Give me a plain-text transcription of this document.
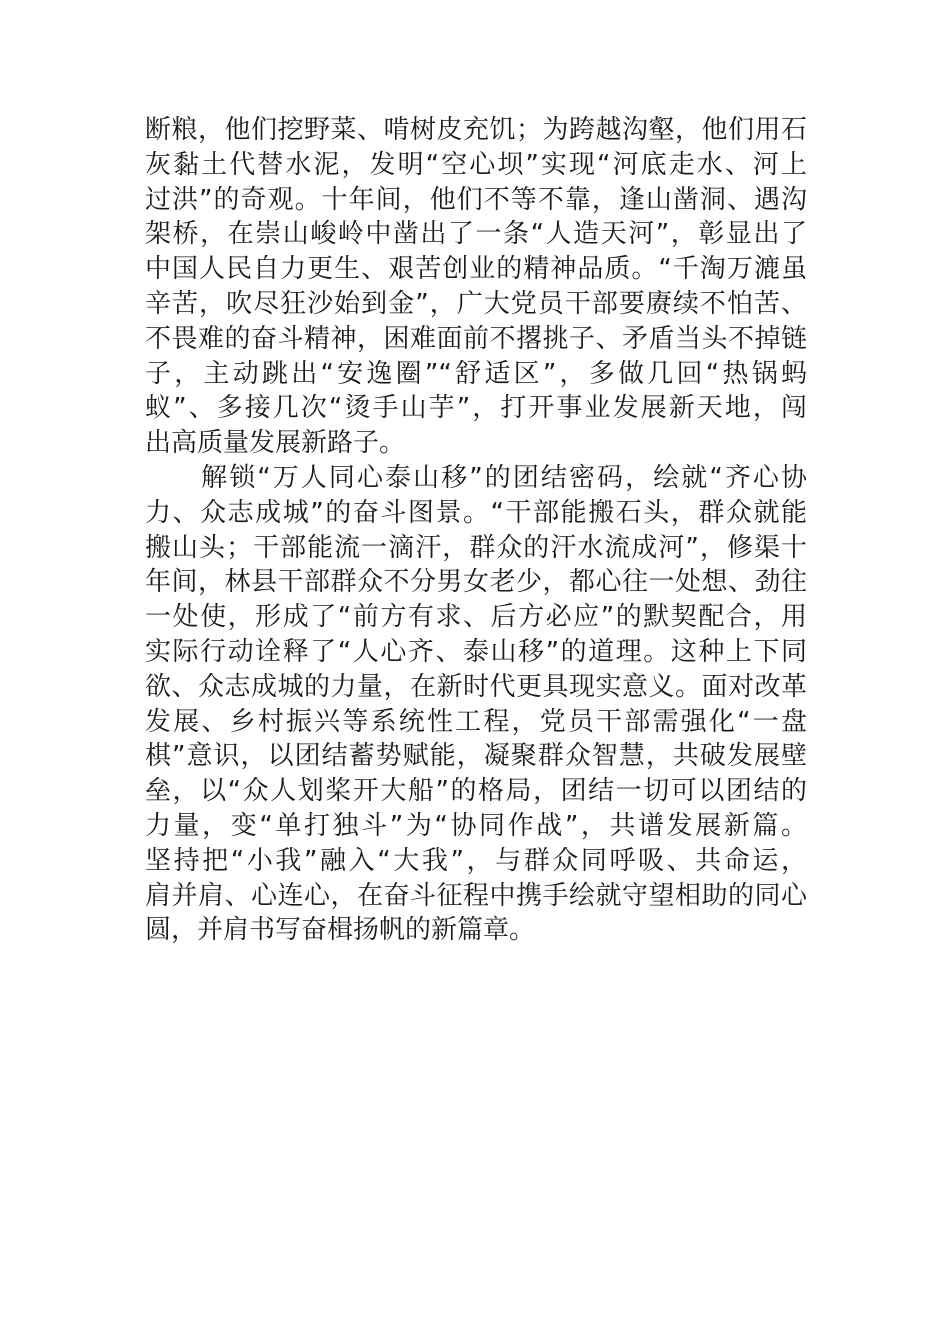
断粮，他们挖野菜、啃树皮充饥；为跨越沟壑，他们用石
灰黏土代替水泥，发明“空心坝”实现“河底走水、河上
过洪”的奇观。十年间，他们不等不靠，逢山凿洞、遇沟
架桥，在崇山峻岭中凿出了一条“人造天河”，彰显出了
中国人民自力更生、艰苦创业的精神品质。“千淘万漉虽
辛苦，吹尽狂沙始到金”，广大党员干部要赓续不怕苦、
不畏难的奋斗精神，困难面前不撂挑子、矛盾当头不掉链
子，主动跳出“安逸圈”“舒适区”，多做几回“热锅蚂
蚁”、多接几次“烫手山芋”，打开事业发展新天地，闯
出高质量发展新路子。
　　解锁“万人同心泰山移”的团结密码，绘就“齐心协
力、众志成城”的奋斗图景。“干部能搬石头，群众就能
搬山头；干部能流一滴汗，群众的汗水流成河”，修渠十
年间，林县干部群众不分男女老少，都心往一处想、劲往
一处使，形成了“前方有求、后方必应”的默契配合，用
实际行动诠释了“人心齐、泰山移”的道理。这种上下同
欲、众志成城的力量，在新时代更具现实意义。面对改革
发展、乡村振兴等系统性工程，党员干部需强化“一盘
棋”意识，以团结蓄势赋能，凝聚群众智慧，共破发展壁
垒，以“众人划桨开大船”的格局，团结一切可以团结的
力量，变“单打独斗”为“协同作战”，共谱发展新篇。
坚持把“小我”融入“大我”，与群众同呼吸、共命运，
肩并肩、心连心，在奋斗征程中携手绘就守望相助的同心
圆，并肩书写奋楫扬帆的新篇章。
